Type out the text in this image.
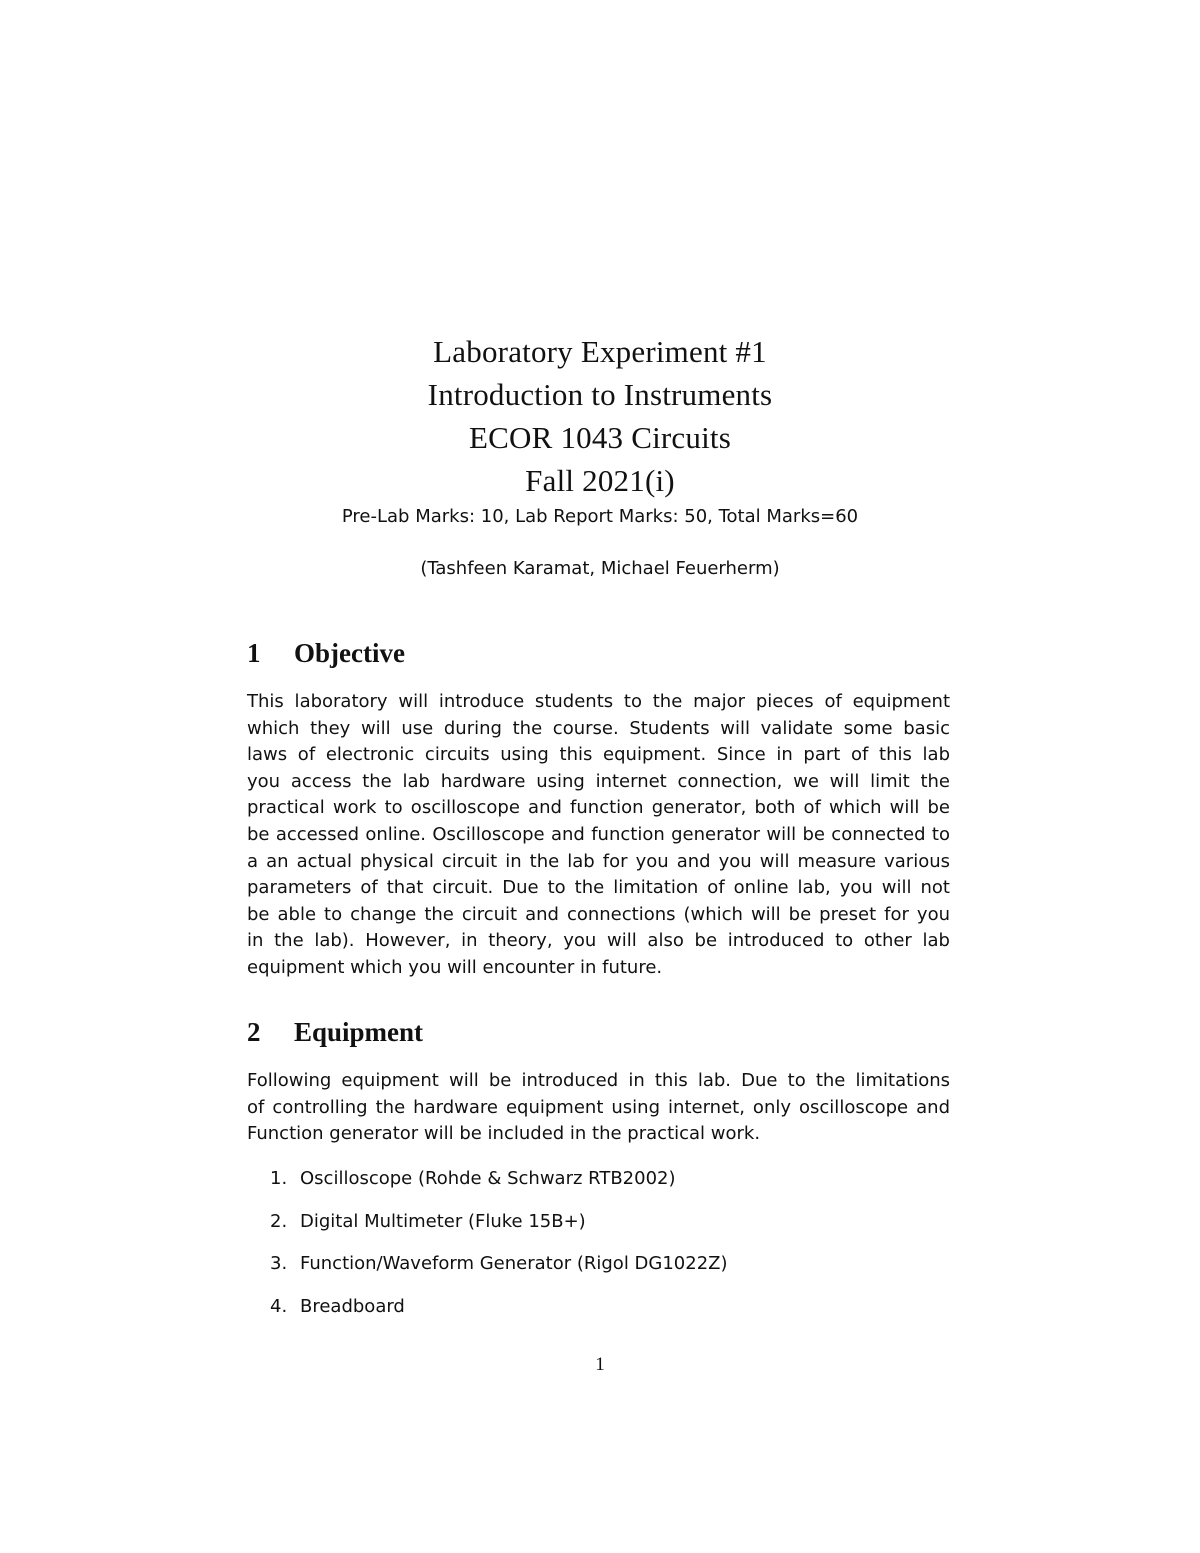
Laboratory Experiment #1
Introduction to Instruments
ECOR 1043 Circuits
Fall 2021(i)
Pre-Lab Marks: 10, Lab Report Marks: 50, Total Marks=60
(Tashfeen Karamat, Michael Feuerherm)
1 Objective
This laboratory will introduce students to the major pieces of equipment
which they will use during the course. Students will validate some basic
laws of electronic circuits using this equipment. Since in part of this lab
you access the lab hardware using internet connection, we will limit the
practical work to oscilloscope and function generator, both of which will be
be accessed online. Oscilloscope and function generator will be connected to
a an actual physical circuit in the lab for you and you will measure various
parameters of that circuit. Due to the limitation of online lab, you will not
be able to change the circuit and connections (which will be preset for you
in the lab). However, in theory, you will also be introduced to other lab
equipment which you will encounter in future.
2 Equipment
Following equipment will be introduced in this lab. Due to the limitations
of controlling the hardware equipment using internet, only oscilloscope and
Function generator will be included in the practical work.
1. Oscilloscope (Rohde & Schwarz RTB2002)
2. Digital Multimeter (Fluke 15B+)
3. Function/Waveform Generator (Rigol DG1022Z)
4. Breadboard
1
